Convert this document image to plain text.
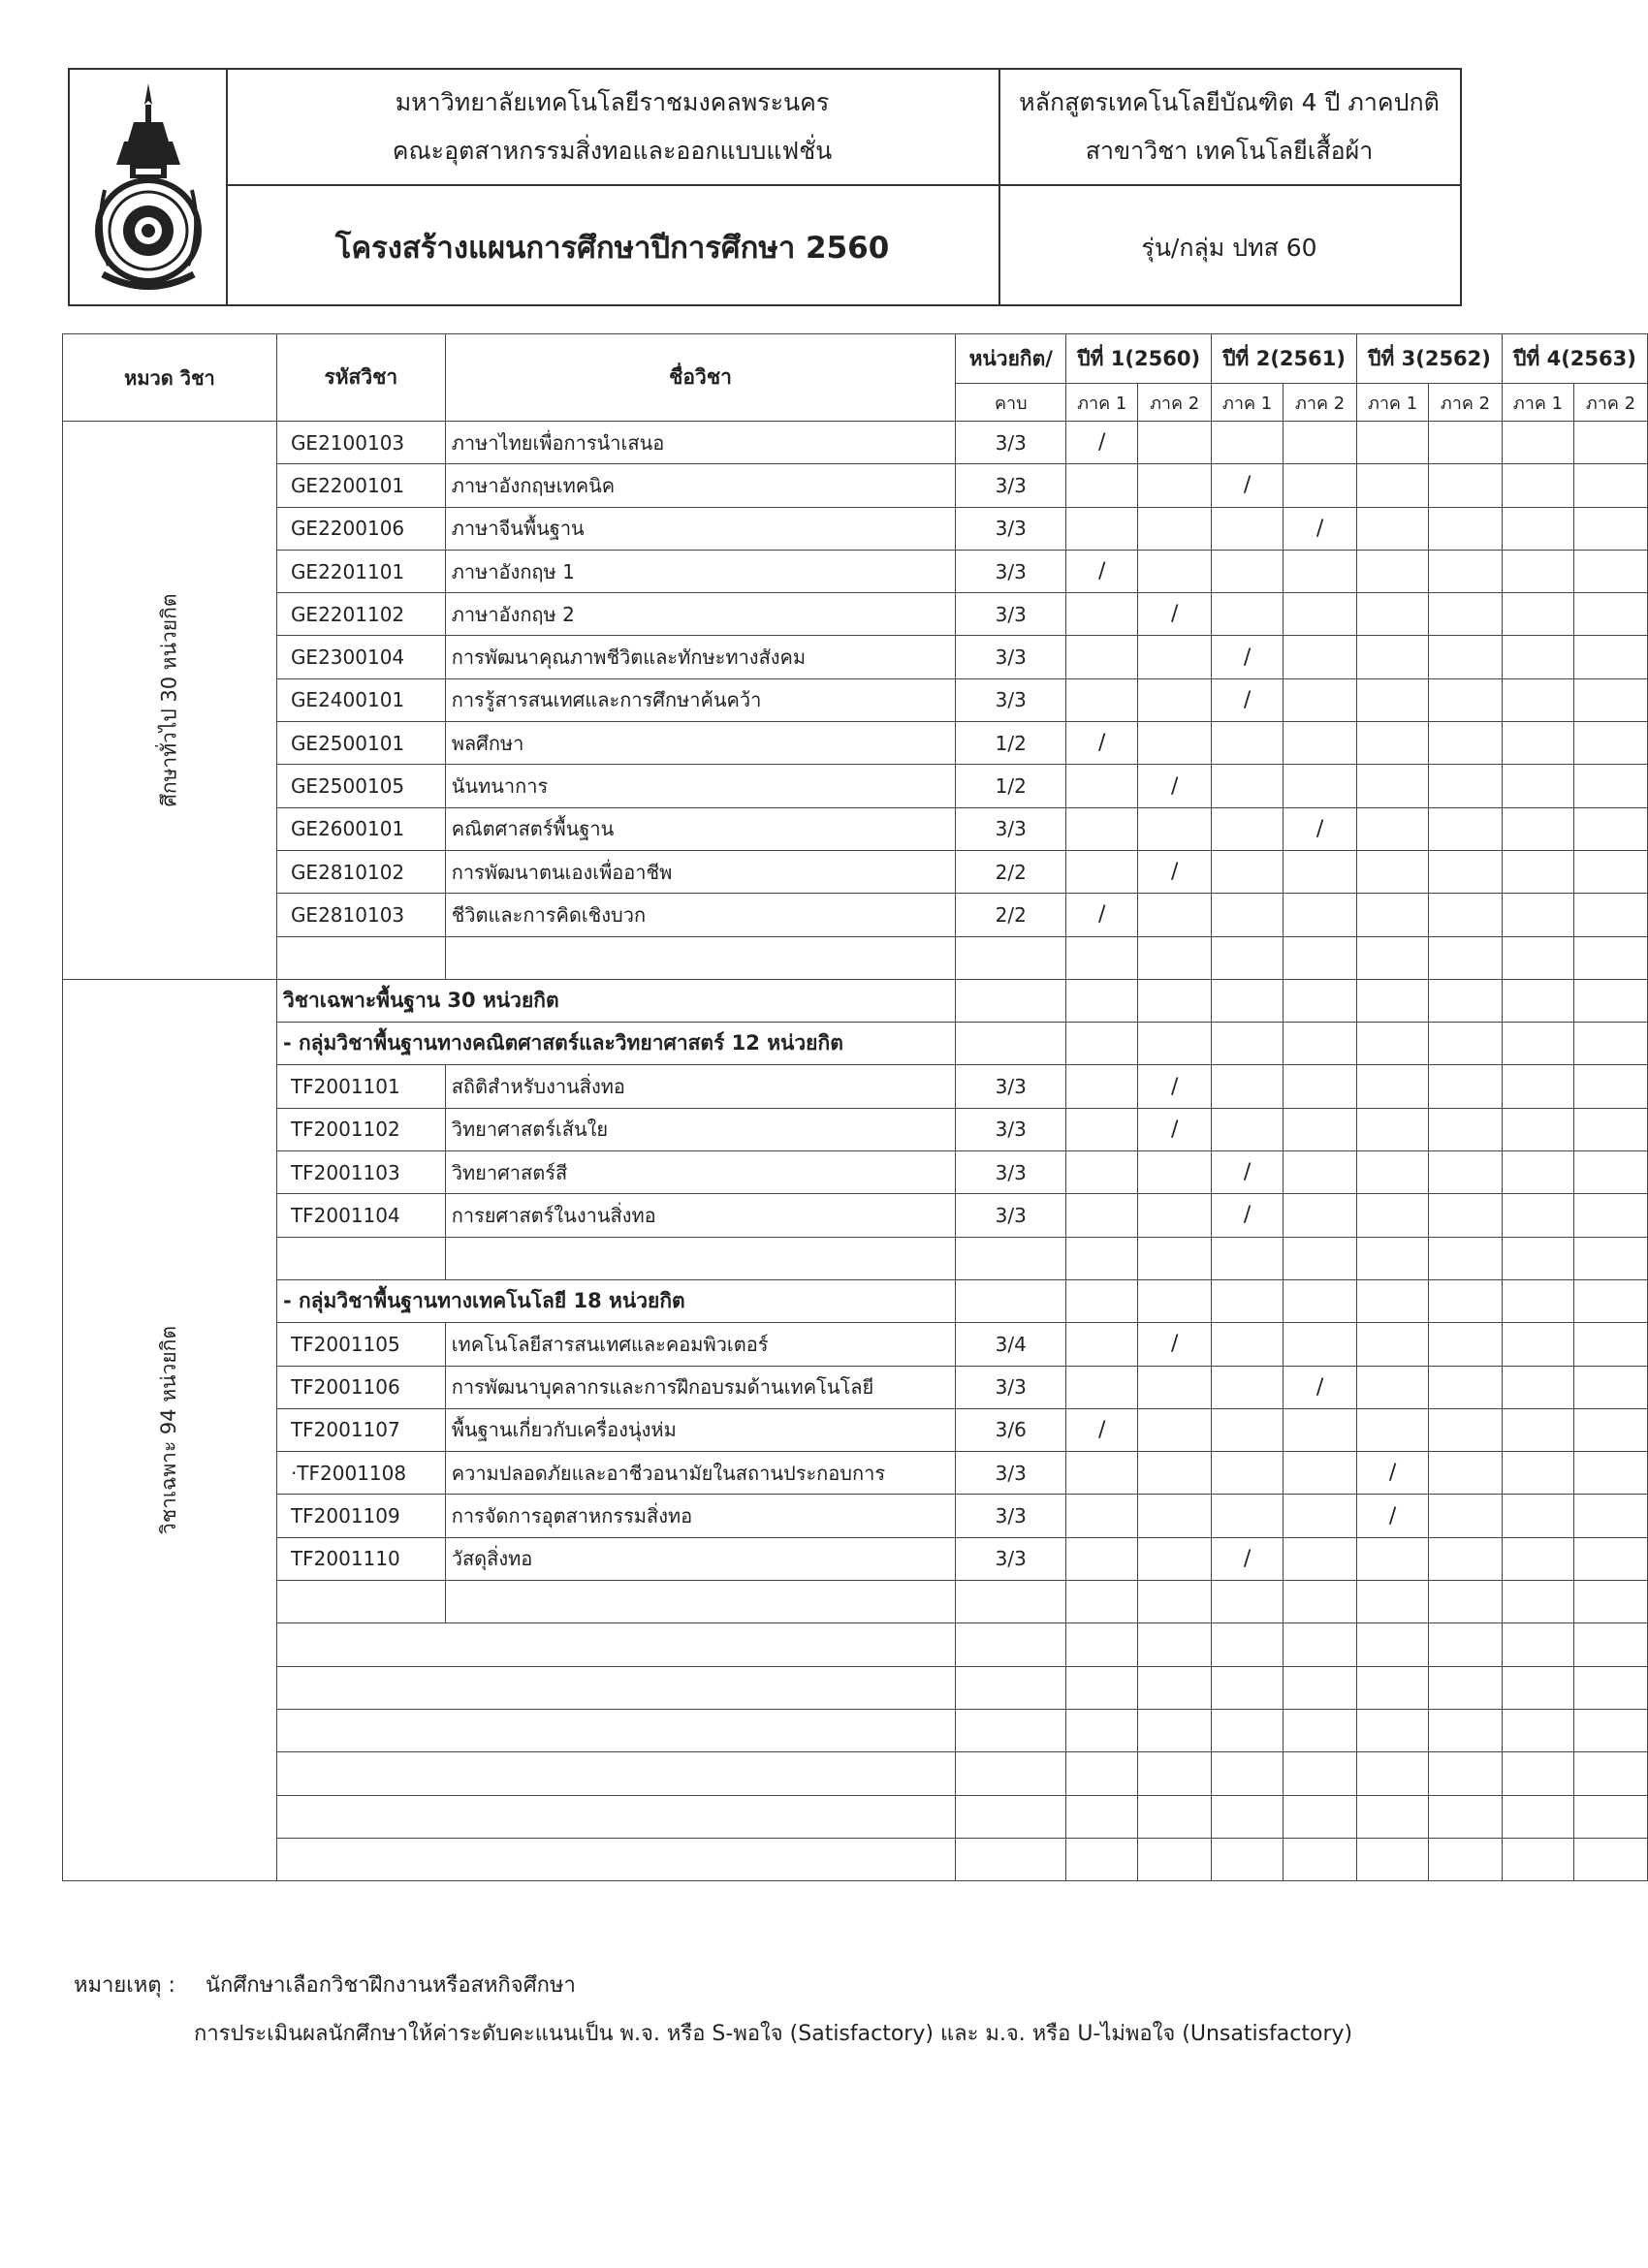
มหาวิทยาลัยเทคโนโลยีราชมงคลพระนคร
คณะอุตสาหกรรมสิ่งทอและออกแบบแฟชั่น
โครงสร้างแผนการศึกษาปีการศึกษา 2560
หลักสูตรเทคโนโลยีบัณฑิต 4 ปี ภาคปกติ
สาขาวิชา เทคโนโลยีเสื้อผ้า
รุ่น/กลุ่ม ปทส 60
หมวด วิชา	รหัสวิชา	ชื่อวิชา	หน่วยกิต/	ปีที่ 1(2560)		ปีที่ 2(2561)		ปีที่ 3(2562)		ปีที่ 4(2563)	
			คาบ	ภาค 1	ภาค 2	ภาค 1	ภาค 2	ภาค 1	ภาค 2	ภาค 1	ภาค 2
ศึกษาทั่วไป 30 หน่วยกิต	GE2100103	ภาษาไทยเพื่อการนำเสนอ	3/3	/							
	GE2200101	ภาษาอังกฤษเทคนิค	3/3			/					
	GE2200106	ภาษาจีนพื้นฐาน	3/3				/				
	GE2201101	ภาษาอังกฤษ 1	3/3	/							
	GE2201102	ภาษาอังกฤษ 2	3/3		/						
	GE2300104	การพัฒนาคุณภาพชีวิตและทักษะทางสังคม	3/3			/					
	GE2400101	การรู้สารสนเทศและการศึกษาค้นคว้า	3/3			/					
	GE2500101	พลศึกษา	1/2	/							
	GE2500105	นันทนาการ	1/2		/						
	GE2600101	คณิตศาสตร์พื้นฐาน	3/3				/				
	GE2810102	การพัฒนาตนเองเพื่ออาชีพ	2/2		/						
	GE2810103	ชีวิตและการคิดเชิงบวก	2/2	/							

วิชาเฉพาะ 94 หน่วยกิต	วิชาเฉพาะพื้นฐาน 30 หน่วยกิต										
	- กลุ่มวิชาพื้นฐานทางคณิตศาสตร์และวิทยาศาสตร์ 12 หน่วยกิต										
	TF2001101	สถิติสำหรับงานสิ่งทอ	3/3		/						
	TF2001102	วิทยาศาสตร์เส้นใย	3/3		/						
	TF2001103	วิทยาศาสตร์สี	3/3			/					
	TF2001104	การยศาสตร์ในงานสิ่งทอ	3/3			/					

	- กลุ่มวิชาพื้นฐานทางเทคโนโลยี 18 หน่วยกิต										
	TF2001105	เทคโนโลยีสารสนเทศและคอมพิวเตอร์	3/4		/						
	TF2001106	การพัฒนาบุคลากรและการฝึกอบรมด้านเทคโนโลยี	3/3				/				
	TF2001107	พื้นฐานเกี่ยวกับเครื่องนุ่งห่ม	3/6	/							
	·TF2001108	ความปลอดภัยและอาชีวอนามัยในสถานประกอบการ	3/3					/			
	TF2001109	การจัดการอุตสาหกรรมสิ่งทอ	3/3					/			
	TF2001110	วัสดุสิ่งทอ	3/3			/					

หมายเหตุ : นักศึกษาเลือกวิชาฝึกงานหรือสหกิจศึกษา
การประเมินผลนักศึกษาให้ค่าระดับคะแนนเป็น พ.จ. หรือ S-พอใจ (Satisfactory) และ ม.จ. หรือ U-ไม่พอใจ (Unsatisfactory)
